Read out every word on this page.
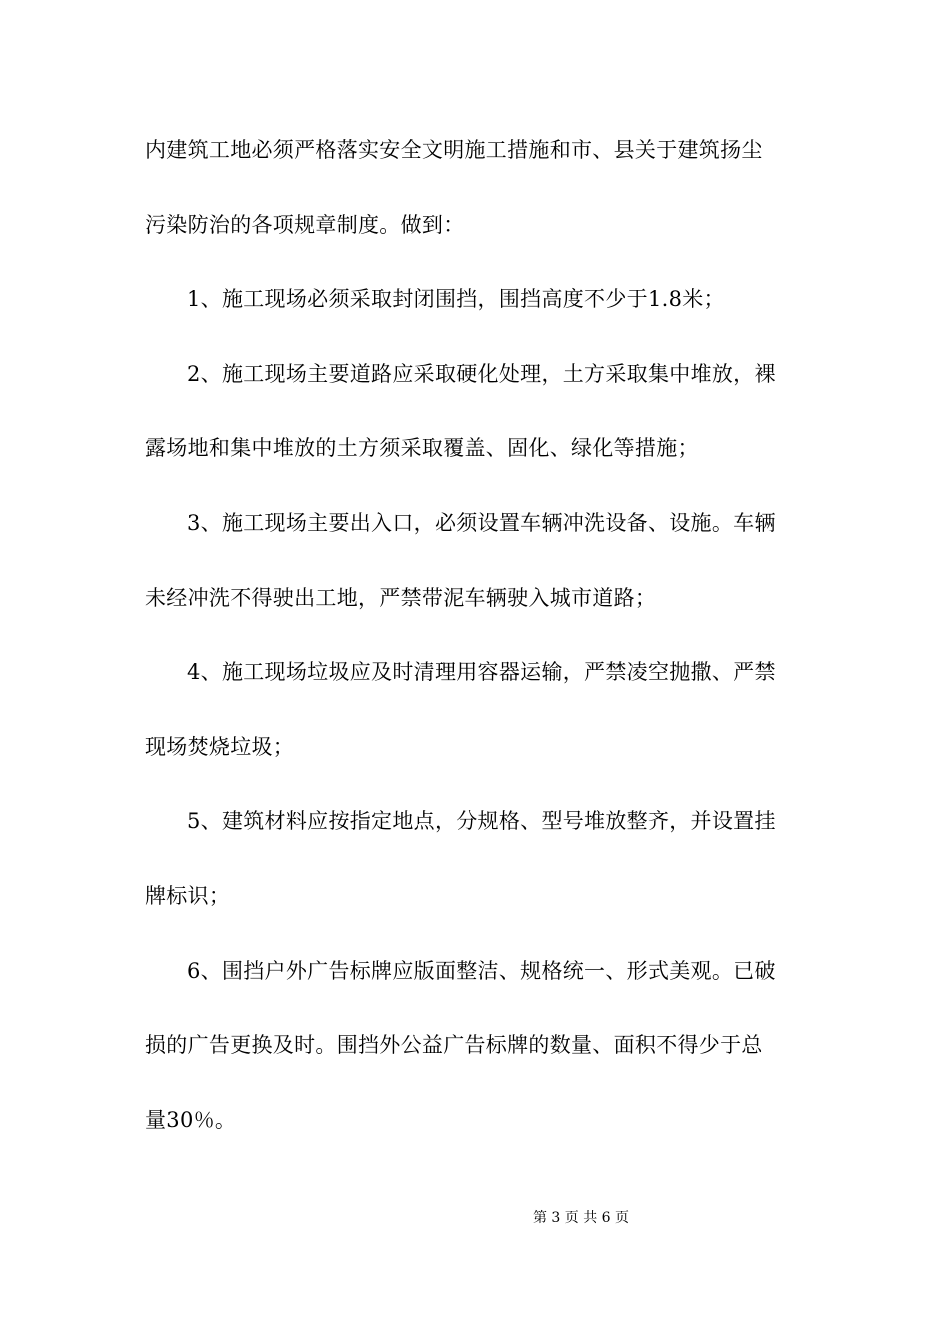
内建筑工地必须严格落实安全文明施工措施和市、县关于建筑扬尘
污染防治的各项规章制度。做到：
1、施工现场必须采取封闭围挡，围挡高度不少于1.8米；
2、施工现场主要道路应采取硬化处理，土方采取集中堆放，裸
露场地和集中堆放的土方须采取覆盖、固化、绿化等措施；
3、施工现场主要出入口，必须设置车辆冲洗设备、设施。车辆
未经冲洗不得驶出工地，严禁带泥车辆驶入城市道路；
4、施工现场垃圾应及时清理用容器运输，严禁凌空抛撒、严禁
现场焚烧垃圾；
5、建筑材料应按指定地点，分规格、型号堆放整齐，并设置挂
牌标识；
6、围挡户外广告标牌应版面整洁、规格统一、形式美观。已破
损的广告更换及时。围挡外公益广告标牌的数量、面积不得少于总
量30％。
第 3 页 共 6 页
